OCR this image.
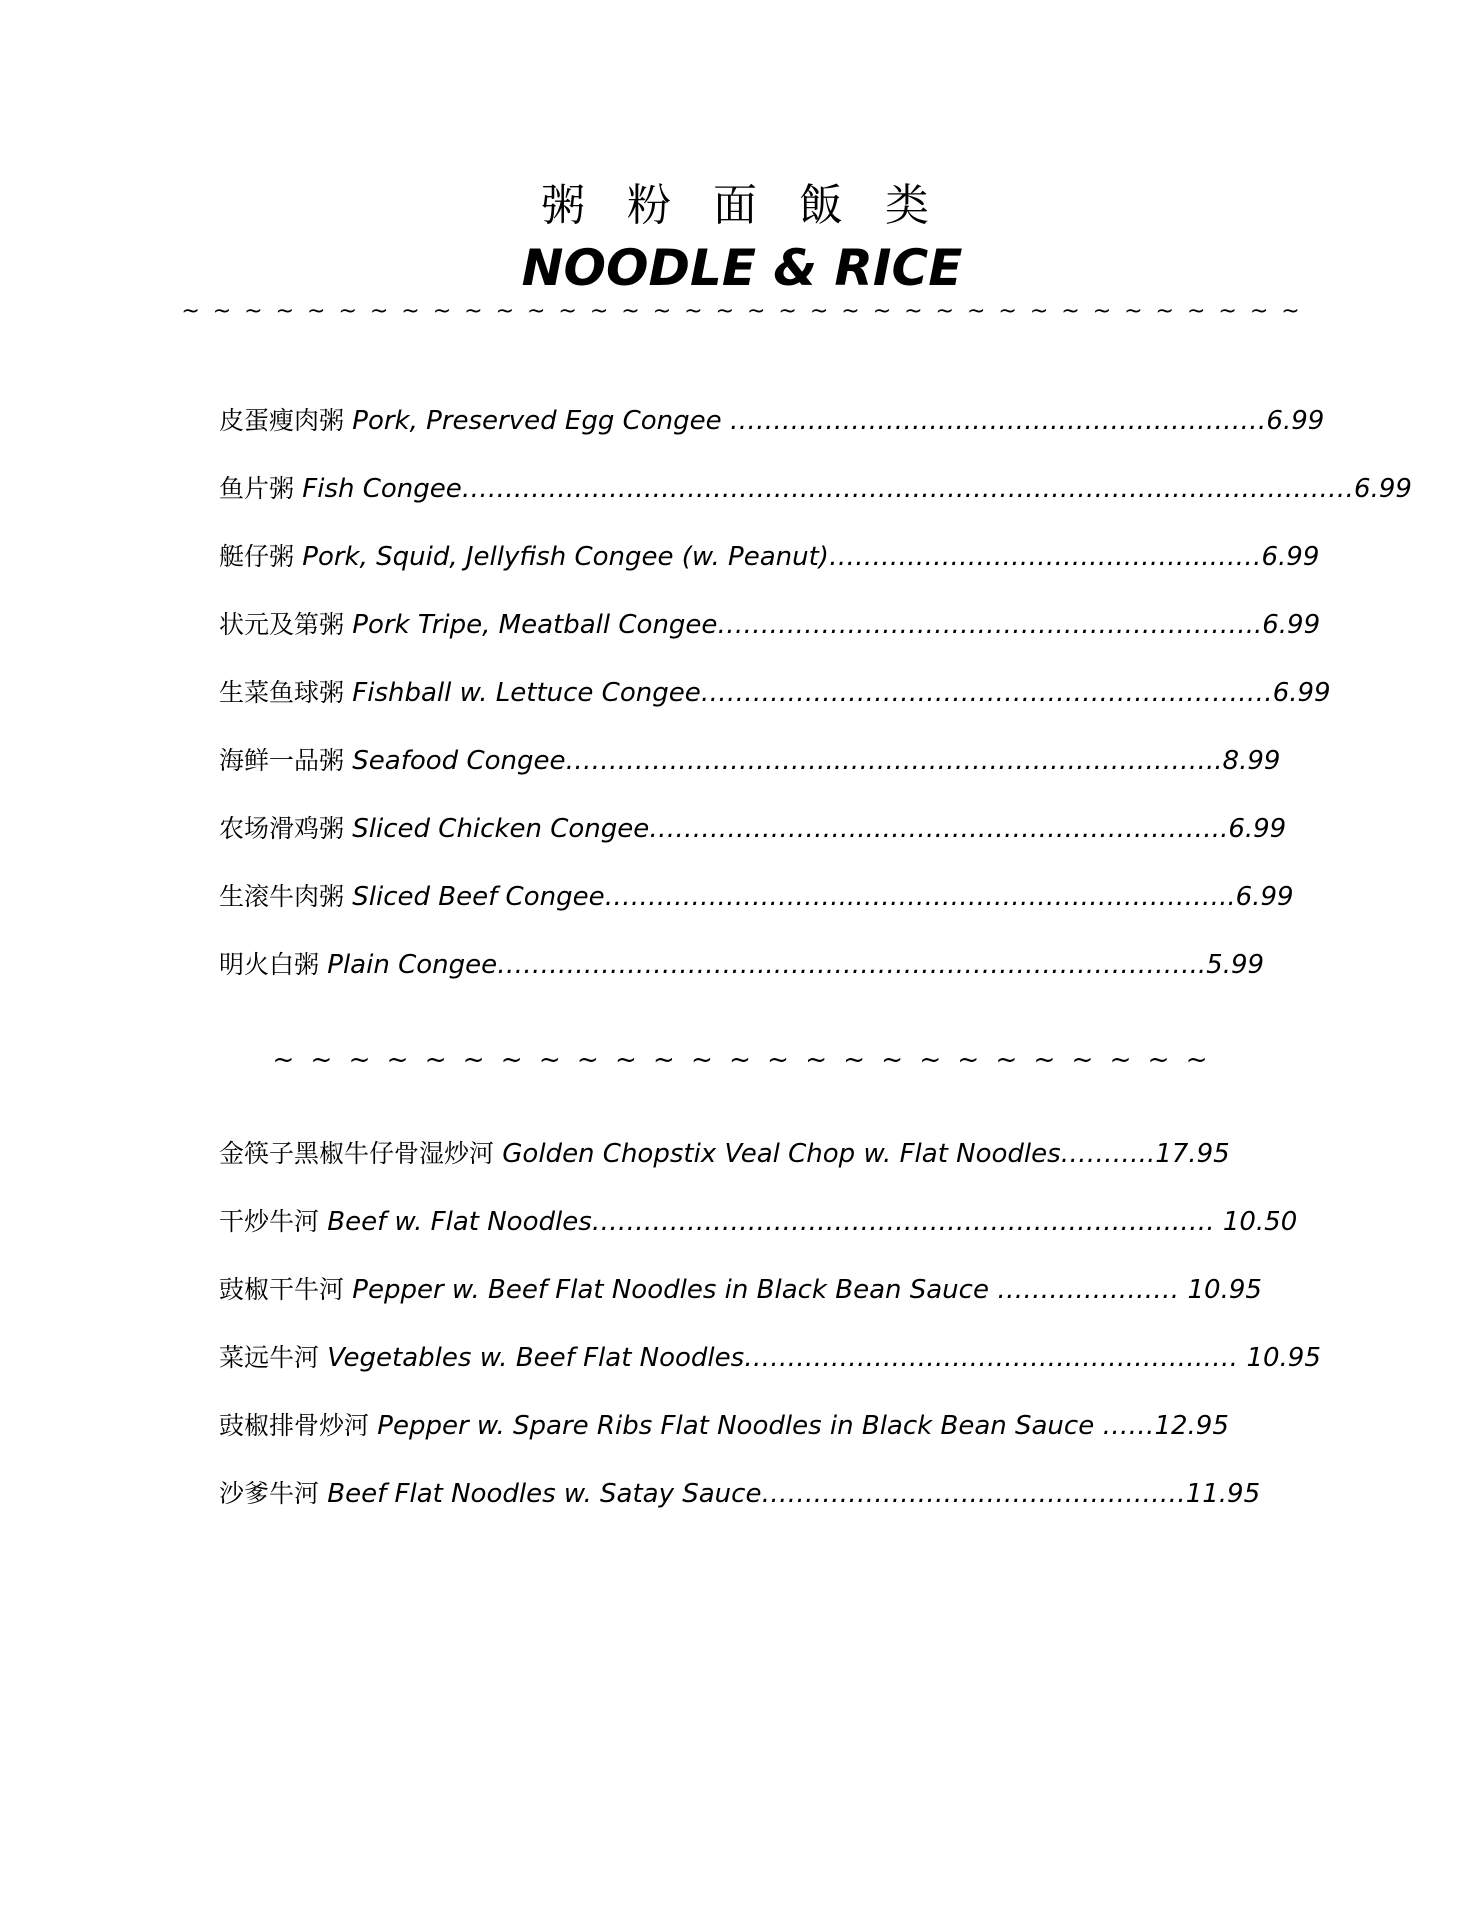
粥 粉 面 飯 类
NOODLE & RICE
~ ~ ~ ~ ~ ~ ~ ~ ~ ~ ~ ~ ~ ~ ~ ~ ~ ~ ~ ~ ~ ~ ~ ~ ~ ~ ~ ~ ~ ~ ~ ~ ~ ~ ~ ~
皮蛋瘦肉粥 Pork, Preserved Egg Congee ……………………….……….……………………6.99
鱼片粥 Fish Congee……………………………………………………………………….…………………6.99
艇仔粥 Pork, Squid, Jellyfish Congee (w. Peanut)……………………………………..……6.99
状元及第粥 Pork Tripe, Meatball Congee………………………………….…………………..6.99
生菜鱼球粥 Fishball w. Lettuce Congee…………………………………………………………6.99
海鲜一品粥 Seafood Congee…………………………..……………………………………..8.99
农场滑鸡粥 Sliced Chicken Congee……………………..…………………………………..6.99
生滚牛肉粥 Sliced Beef Congee………………………..……………………………………..6.99
明火白粥 Plain Congee…………………………..…………………………………………..5.99
~ ~ ~ ~ ~ ~ ~ ~ ~ ~ ~ ~ ~ ~ ~ ~ ~ ~ ~ ~ ~ ~ ~ ~ ~
金筷子黑椒牛仔骨湿炒河 Golden Chopstix Veal Chop w. Flat Noodles………..17.95
干炒牛河 Beef w. Flat Noodles…………………………………………………………..…. 10.50
豉椒干牛河 Pepper w. Beef Flat Noodles in Black Bean Sauce ………………… 10.95
菜远牛河 Vegetables w. Beef Flat Noodles………………………………………………… 10.95
豉椒排骨炒河 Pepper w. Spare Ribs Flat Noodles in Black Bean Sauce ……12.95
沙爹牛河 Beef Flat Noodles w. Satay Sauce…………………….……………………11.95
